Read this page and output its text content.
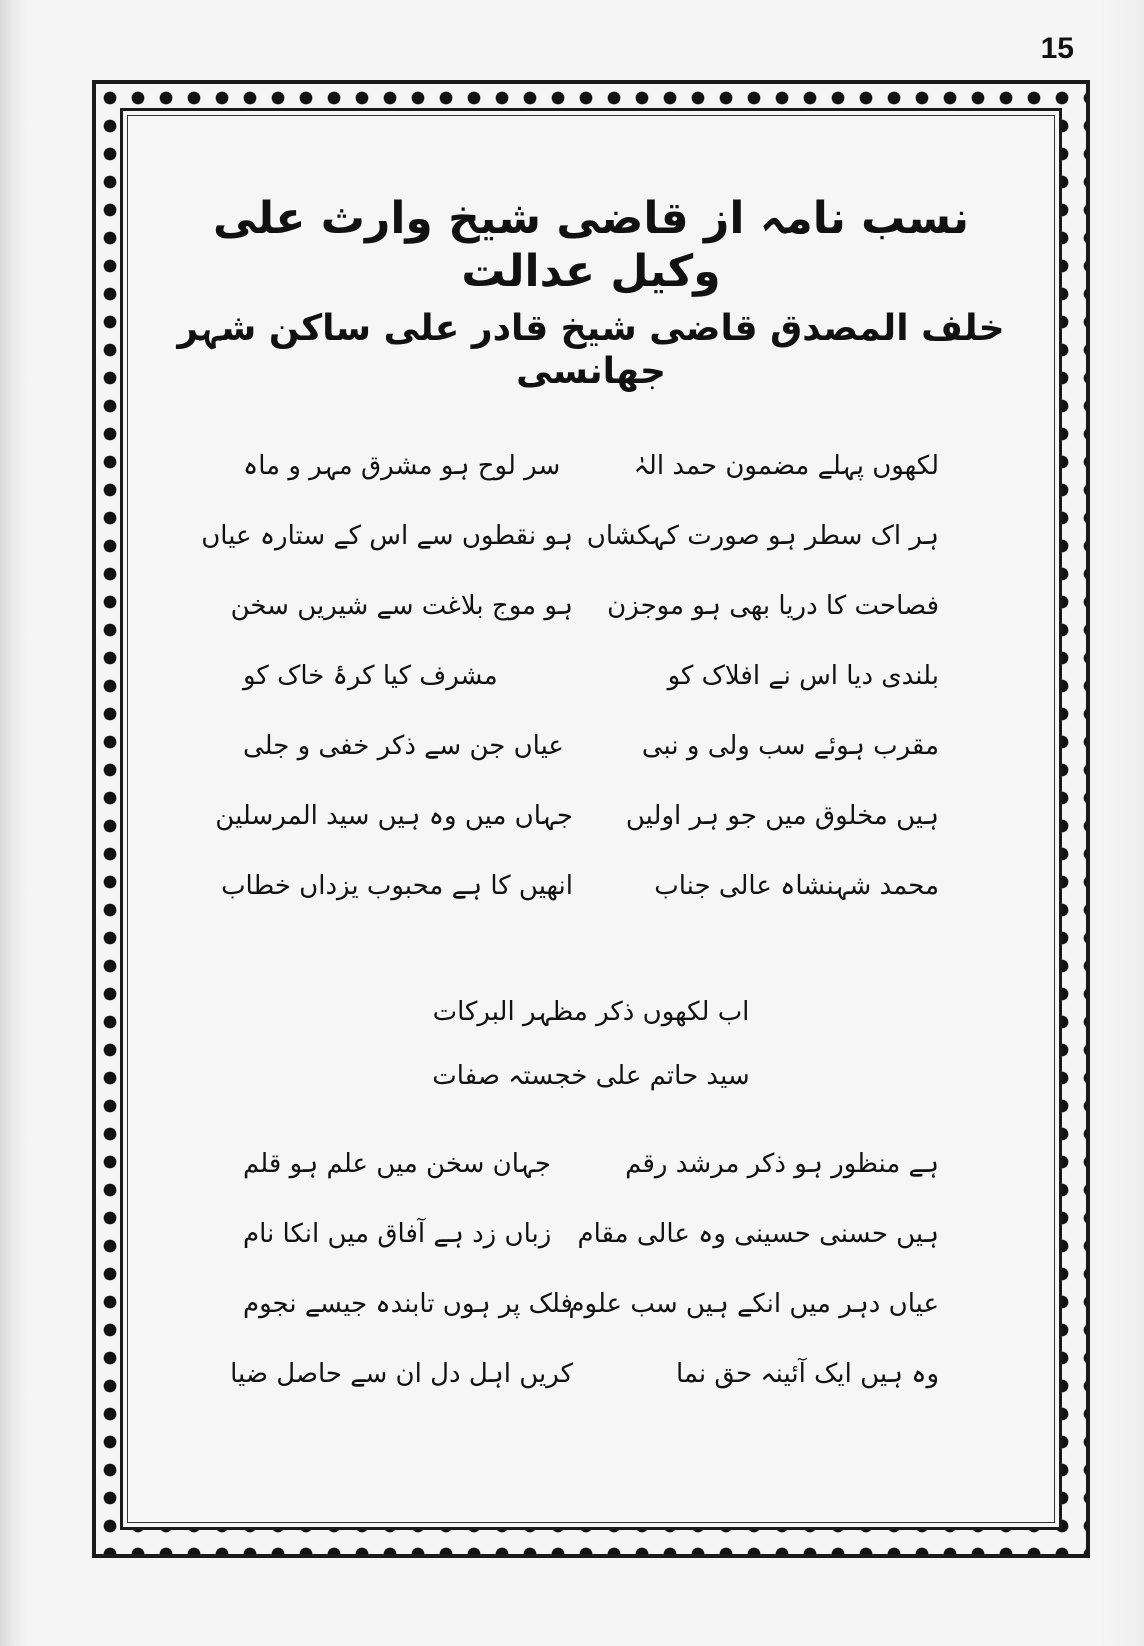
15
نسب نامہ از قاضی شیخ وارث علی وکیل عدالت
خلف المصدق قاضی شیخ قادر علی ساکن شہر جھانسی
لکھوں پہلے مضمون حمد الہٰ
سر لوح ہو مشرق مہر و ماہ
ہر اک سطر ہو صورت کہکشاں
ہو نقطوں سے اس کے ستارہ عیاں
فصاحت کا دریا بھی ہو موجزن
ہو موج بلاغت سے شیریں سخن
بلندی دیا اس نے افلاک کو
مشرف کیا کرۂ خاک کو
مقرب ہوئے سب ولی و نبی
عیاں جن سے ذکر خفی و جلی
ہیں مخلوق میں جو ہر اولیں
جہاں میں وہ ہیں سید المرسلین
محمد شہنشاہ عالی جناب
انھیں کا ہے محبوب یزداں خطاب
اب لکھوں ذکر مظہر البرکات
سید حاتم علی خجستہ صفات
ہے منظور ہو ذکر مرشد رقم
جہان سخن میں علم ہو قلم
ہیں حسنی حسینی وہ عالی مقام
زباں زد ہے آفاق میں انکا نام
عیاں دہر میں انکے ہیں سب علوم
فلک پر ہوں تابندہ جیسے نجوم
وہ ہیں ایک آئینہ حق نما
کریں اہل دل ان سے حاصل ضیا
